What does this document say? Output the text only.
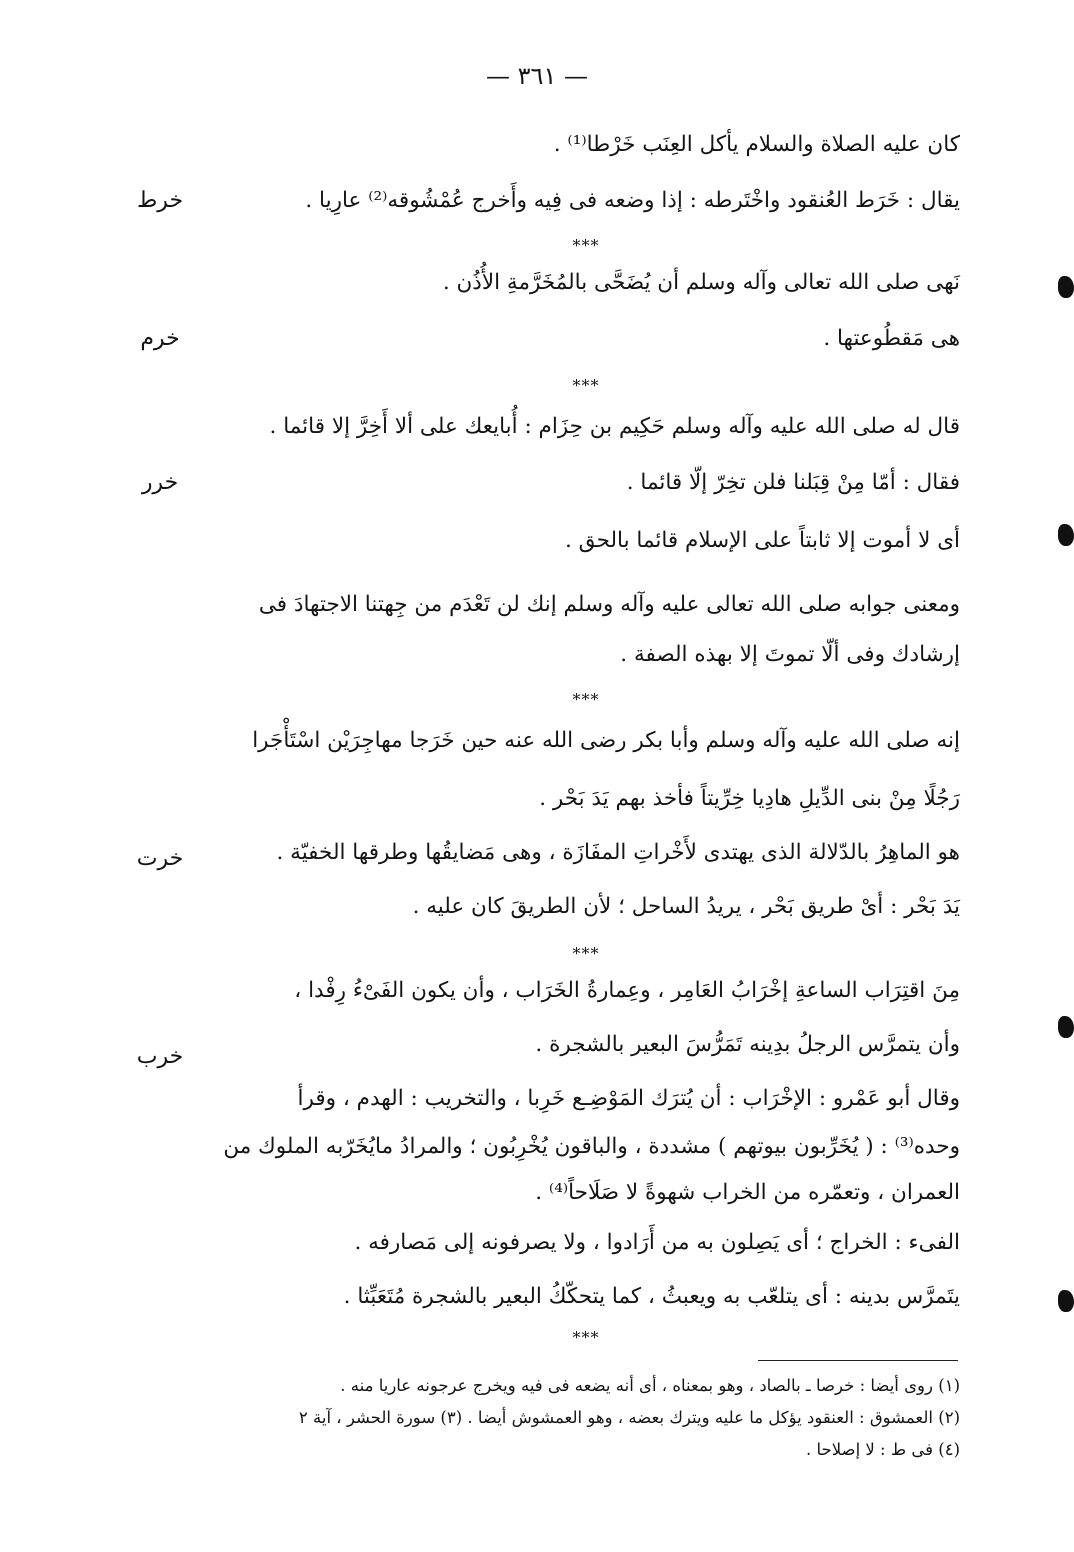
— ٣٦١ —
كان عليه الصلاة والسلام يأكل العِنَب خَرْطا⁽¹⁾ .
يقال : خَرَط العُنقود واخْتَرطه : إذا وضعه فى فِيه وأَخرج عُمْشُوقه⁽²⁾ عارِيا .
خرط
***
نَهى صلى الله تعالى وآله وسلم أن يُضَحَّى بالمُخَرَّمةِ الأُذُن .
هى مَقطُوعتها .
خرم
***
قال له صلى الله عليه وآله وسلم حَكِيم بن حِزَام : أُبايعك على ألا أَخِرَّ إلا قائما .
فقال : أمّا مِنْ قِبَلنا فلن تخِرّ إلّا قائما .
خرر
أى لا أموت إلا ثابتاً على الإسلام قائما بالحق .
ومعنى جوابه صلى الله تعالى عليه وآله وسلم إنك لن تَعْدَم من جِهتنا الاجتهادَ فى
إرشادك وفى ألّا تموتَ إلا بهذه الصفة .
***
إنه صلى الله عليه وآله وسلم وأبا بكر رضى الله عنه حين خَرَجا مهاجِرَيْن اسْتَأْجَرا
رَجُلًا مِنْ بنى الدِّيلِ هادِيا خِرِّيتاً فأخذ بهم يَدَ بَحْر .
هو الماهِرُ بالدّلالة الذى يهتدى لأَخْراتِ المفَازَة ، وهى مَضايقُها وطرقها الخفيّة .
خرت
يَدَ بَحْر : أىْ طريق بَحْر ، يريدُ الساحل ؛ لأن الطريقَ كان عليه .
***
مِنَ اقتِرَاب الساعةِ إخْرَابُ العَامِر ، وعِمارةُ الخَرَاب ، وأن يكون الفَىْءُ رِفْدا ،
وأن يتمرَّس الرجلُ بدِينه تَمَرُّسَ البعير بالشجرة .
خرب
وقال أبو عَمْرو : الإخْرَاب : أن يُترَك المَوْضِـع خَرِبا ، والتخريب : الهدم ، وقرأ
وحده⁽³⁾ : ( يُخَرِّبون بيوتهم ) مشددة ، والباقون يُخْرِبُون ؛ والمرادُ مايُخَرّبه الملوك من
العمران ، وتعمّره من الخراب شهوةً لا صَلَاحاً⁽⁴⁾ .
الفىء : الخراج ؛ أى يَصِلون به من أَرَادوا ، ولا يصرفونه إلى مَصارفه .
يتَمرَّس بدينه : أى يتلعّب به ويعبثُ ، كما يتحكّكُ البعير بالشجرة مُتَعَبِّثا .
***
(١) روى أيضا : خرصا ـ بالصاد ، وهو بمعناه ، أى أنه يضعه فى فيه ويخرج عرجونه عاريا منه .
(٢) العمشوق : العنقود يؤكل ما عليه ويترك بعضه ، وهو العمشوش أيضا . (٣) سورة الحشر ، آية ٢
(٤) فى ط : لا إصلاحا .
